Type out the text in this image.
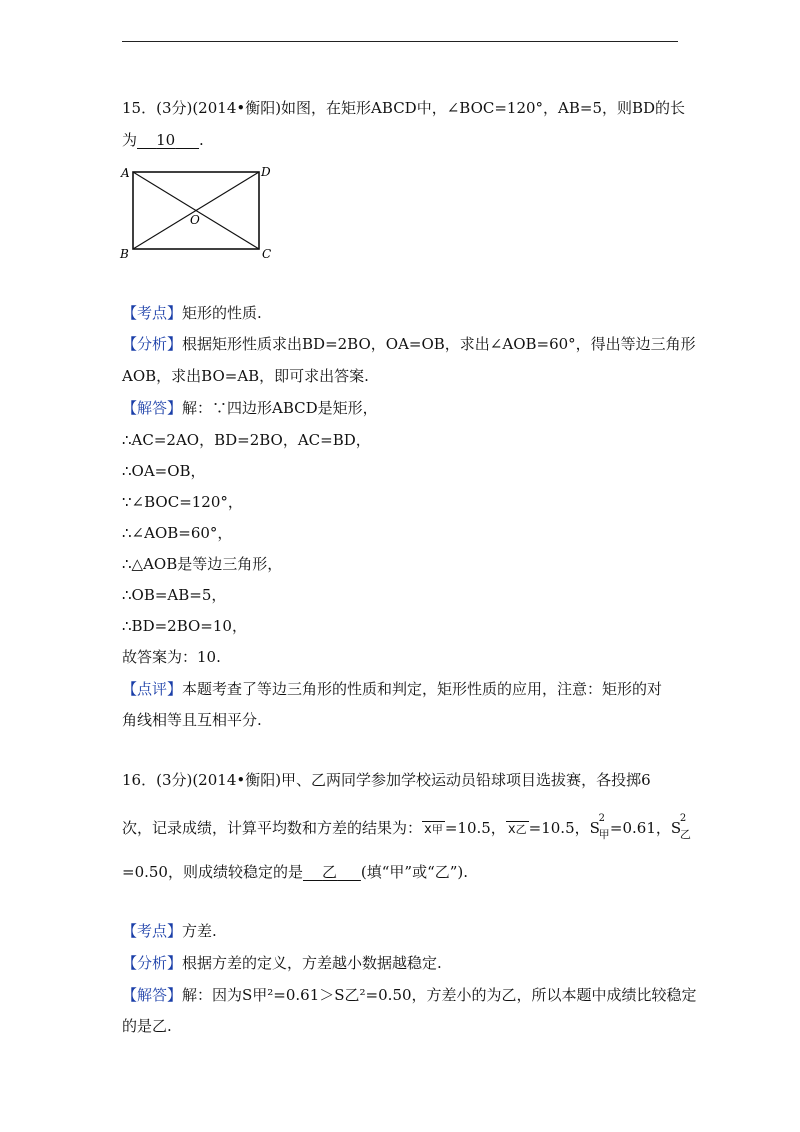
15．(3分)(2014•衡阳)如图，在矩形ABCD中，∠BOC=120°，AB=5，则BD的长
为 10 .
A	D
O
B	C
【考点】矩形的性质.
【分析】根据矩形性质求出BD=2BO，OA=OB，求出∠AOB=60°，得出等边三角形
AOB，求出BO=AB，即可求出答案.
【解答】解：∵四边形ABCD是矩形，
∴AC=2AO，BD=2BO，AC=BD，
∴OA=OB，
∵∠BOC=120°，
∴∠AOB=60°，
∴△AOB是等边三角形，
∴OB=AB=5，
∴BD=2BO=10，
故答案为：10.
【点评】本题考查了等边三角形的性质和判定，矩形性质的应用，注意：矩形的对
角线相等且互相平分.
16．(3分)(2014•衡阳)甲、乙两同学参加学校运动员铅球项目选拔赛，各投掷6
次，记录成绩，计算平均数和方差的结果为： x甲 =10.5， x乙 =10.5，S
2
甲 =0.61，S
2
乙
=0.50，则成绩较稳定的是 乙 (填“甲”或“乙”).
【考点】方差.
【分析】根据方差的定义，方差越小数据越稳定.
【解答】解：因为S甲²=0.61＞S乙²=0.50，方差小的为乙，所以本题中成绩比较稳定
的是乙.
